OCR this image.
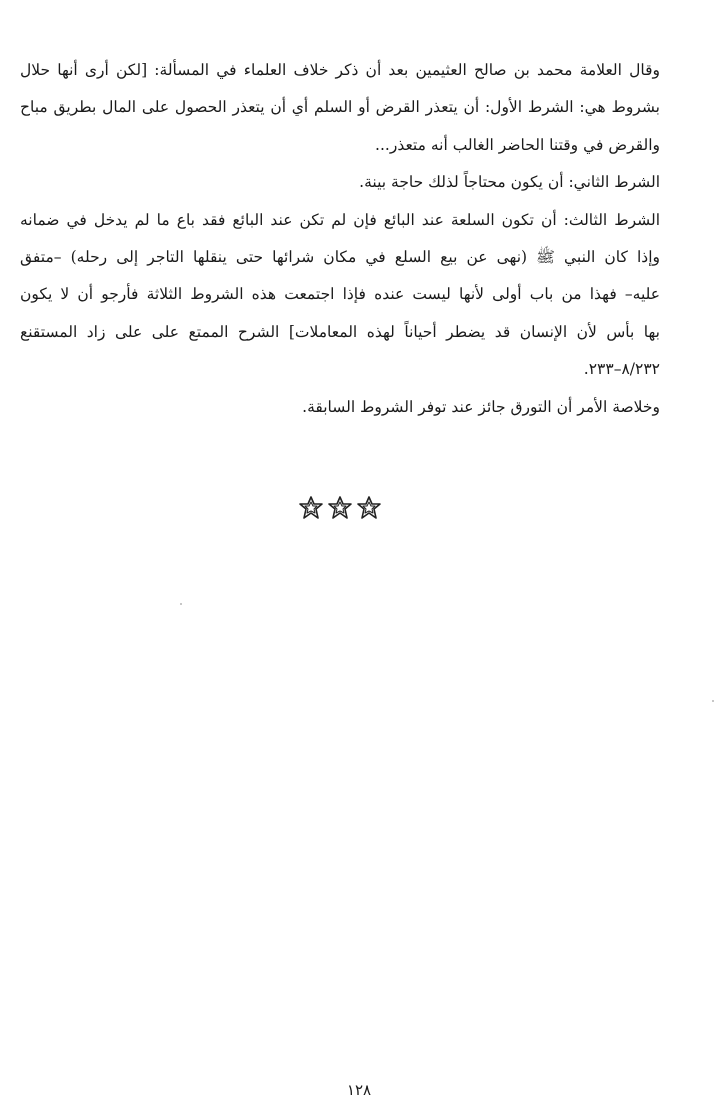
وقال العلامة محمد بن صالح العثيمين بعد أن ذكر خلاف العلماء في المسألة: [لكن أرى أنها حلال
بشروط هي: الشرط الأول: أن يتعذر القرض أو السلم أي أن يتعذر الحصول على المال بطريق مباح
والقرض في وقتنا الحاضر الغالب أنه متعذر...
الشرط الثاني: أن يكون محتاجاً لذلك حاجة بينة.
الشرط الثالث: أن تكون السلعة عند البائع فإن لم تكن عند البائع فقد باع ما لم يدخل في ضمانه
وإذا كان النبي ﷺ (نهى عن بيع السلع في مكان شرائها حتى ينقلها التاجر إلى رحله) –متفق
عليه– فهذا من باب أولى لأنها ليست عنده فإذا اجتمعت هذه الشروط الثلاثة فأرجو أن لا يكون
بها بأس لأن الإنسان قد يضطر أحياناً لهذه المعاملات] الشرح الممتع على على زاد المستقنع
٨/٢٣٢–٢٣٣.
وخلاصة الأمر أن التورق جائز عند توفر الشروط السابقة.
١٢٨
